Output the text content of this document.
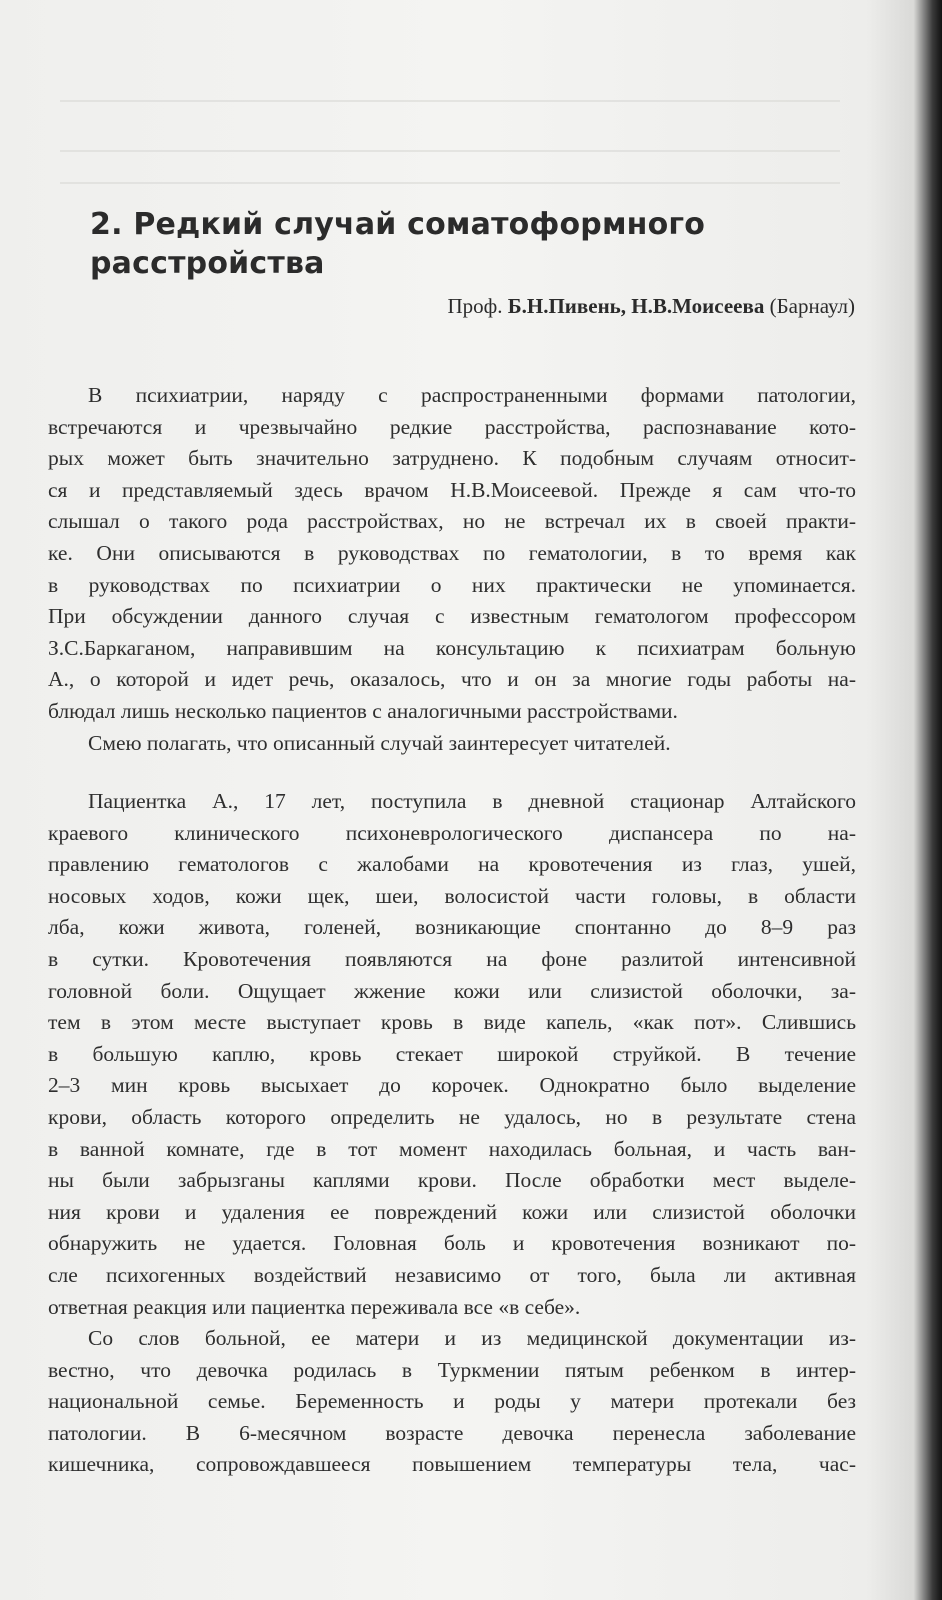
2. Редкий случай соматоформного
расстройства

Проф. Б.Н.Пивень, Н.В.Моисеева (Барнаул)

В психиатрии, наряду с распространенными формами патологии,
встречаются и чрезвычайно редкие расстройства, распознавание кото-
рых может быть значительно затруднено. К подобным случаям относит-
ся и представляемый здесь врачом Н.В.Моисеевой. Прежде я сам что-то
слышал о такого рода расстройствах, но не встречал их в своей практи-
ке. Они описываются в руководствах по гематологии, в то время как
в руководствах по психиатрии о них практически не упоминается.
При обсуждении данного случая с известным гематологом профессором
З.С.Баркаганом, направившим на консультацию к психиатрам больную
А., о которой и идет речь, оказалось, что и он за многие годы работы на-
блюдал лишь несколько пациентов с аналогичными расстройствами.
Смею полагать, что описанный случай заинтересует читателей.
Пациентка А., 17 лет, поступила в дневной стационар Алтайского
краевого клинического психоневрологического диспансера по на-
правлению гематологов с жалобами на кровотечения из глаз, ушей,
носовых ходов, кожи щек, шеи, волосистой части головы, в области
лба, кожи живота, голеней, возникающие спонтанно до 8–9 раз
в сутки. Кровотечения появляются на фоне разлитой интенсивной
головной боли. Ощущает жжение кожи или слизистой оболочки, за-
тем в этом месте выступает кровь в виде капель, «как пот». Слившись
в большую каплю, кровь стекает широкой струйкой. В течение
2–3 мин кровь высыхает до корочек. Однократно было выделение
крови, область которого определить не удалось, но в результате стена
в ванной комнате, где в тот момент находилась больная, и часть ван-
ны были забрызганы каплями крови. После обработки мест выделе-
ния крови и удаления ее повреждений кожи или слизистой оболочки
обнаружить не удается. Головная боль и кровотечения возникают по-
сле психогенных воздействий независимо от того, была ли активная
ответная реакция или пациентка переживала все «в себе».
Со слов больной, ее матери и из медицинской документации из-
вестно, что девочка родилась в Туркмении пятым ребенком в интер-
национальной семье. Беременность и роды у матери протекали без
патологии. В 6-месячном возрасте девочка перенесла заболевание
кишечника, сопровождавшееся повышением температуры тела, час-
